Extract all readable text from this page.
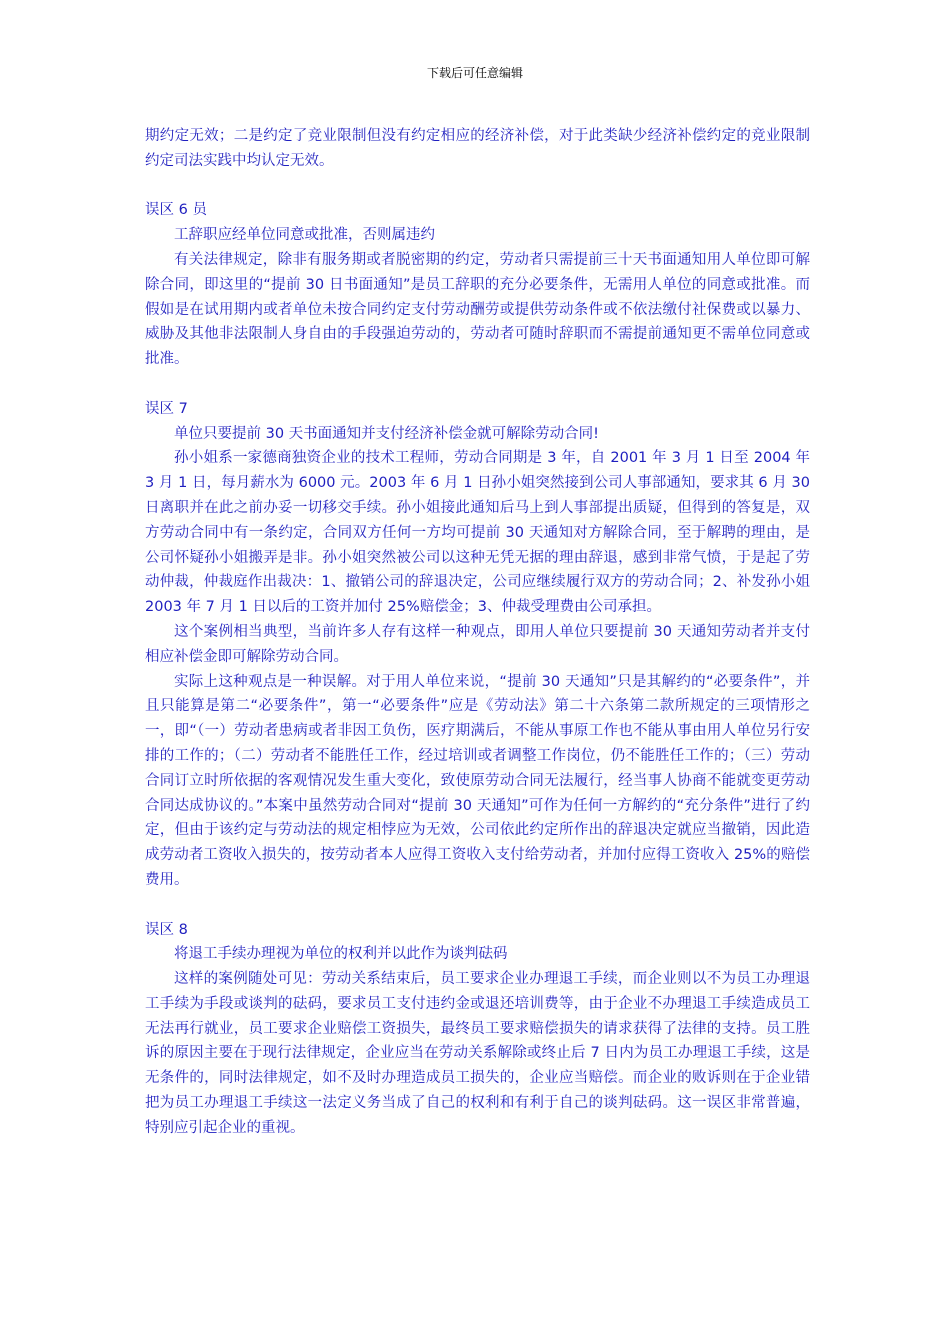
下载后可任意编辑

期约定无效；二是约定了竞业限制但没有约定相应的经济补偿，对于此类缺少经济补偿约定的竞业限制约定司法实践中均认定无效。

误区 6 员

工辞职应经单位同意或批准，否则属违约

有关法律规定，除非有服务期或者脱密期的约定，劳动者只需提前三十天书面通知用人单位即可解除合同，即这里的“提前 30 日书面通知”是员工辞职的充分必要条件，无需用人单位的同意或批准。而假如是在试用期内或者单位未按合同约定支付劳动酬劳或提供劳动条件或不依法缴付社保费或以暴力、威胁及其他非法限制人身自由的手段强迫劳动的，劳动者可随时辞职而不需提前通知更不需单位同意或批准。

误区 7

单位只要提前 30 天书面通知并支付经济补偿金就可解除劳动合同!

孙小姐系一家德商独资企业的技术工程师，劳动合同期是 3 年，自 2001 年 3 月 1 日至 2004 年 3 月 1 日，每月薪水为 6000 元。2003 年 6 月 1 日孙小姐突然接到公司人事部通知，要求其 6 月 30 日离职并在此之前办妥一切移交手续。孙小姐接此通知后马上到人事部提出质疑，但得到的答复是，双方劳动合同中有一条约定，合同双方任何一方均可提前 30 天通知对方解除合同，至于解聘的理由，是公司怀疑孙小姐搬弄是非。孙小姐突然被公司以这种无凭无据的理由辞退，感到非常气愤，于是起了劳动仲裁，仲裁庭作出裁决：1、撤销公司的辞退决定，公司应继续履行双方的劳动合同；2、补发孙小姐 2003 年 7 月 1 日以后的工资并加付 25%赔偿金；3、仲裁受理费由公司承担。

这个案例相当典型，当前许多人存有这样一种观点，即用人单位只要提前 30 天通知劳动者并支付相应补偿金即可解除劳动合同。

实际上这种观点是一种误解。对于用人单位来说，“提前 30 天通知”只是其解约的“必要条件”，并且只能算是第二“必要条件”，第一“必要条件”应是《劳动法》第二十六条第二款所规定的三项情形之一，即“（一）劳动者患病或者非因工负伤，医疗期满后，不能从事原工作也不能从事由用人单位另行安排的工作的；（二）劳动者不能胜任工作，经过培训或者调整工作岗位，仍不能胜任工作的；（三）劳动合同订立时所依据的客观情况发生重大变化，致使原劳动合同无法履行，经当事人协商不能就变更劳动合同达成协议的。”本案中虽然劳动合同对“提前 30 天通知”可作为任何一方解约的“充分条件”进行了约定，但由于该约定与劳动法的规定相悖应为无效，公司依此约定所作出的辞退决定就应当撤销，因此造成劳动者工资收入损失的，按劳动者本人应得工资收入支付给劳动者，并加付应得工资收入 25%的赔偿费用。

误区 8

将退工手续办理视为单位的权利并以此作为谈判砝码

这样的案例随处可见：劳动关系结束后，员工要求企业办理退工手续，而企业则以不为员工办理退工手续为手段或谈判的砝码，要求员工支付违约金或退还培训费等，由于企业不办理退工手续造成员工无法再行就业，员工要求企业赔偿工资损失，最终员工要求赔偿损失的请求获得了法律的支持。员工胜诉的原因主要在于现行法律规定，企业应当在劳动关系解除或终止后 7 日内为员工办理退工手续，这是无条件的，同时法律规定，如不及时办理造成员工损失的，企业应当赔偿。而企业的败诉则在于企业错把为员工办理退工手续这一法定义务当成了自己的权利和有利于自己的谈判砝码。这一误区非常普遍，特别应引起企业的重视。
